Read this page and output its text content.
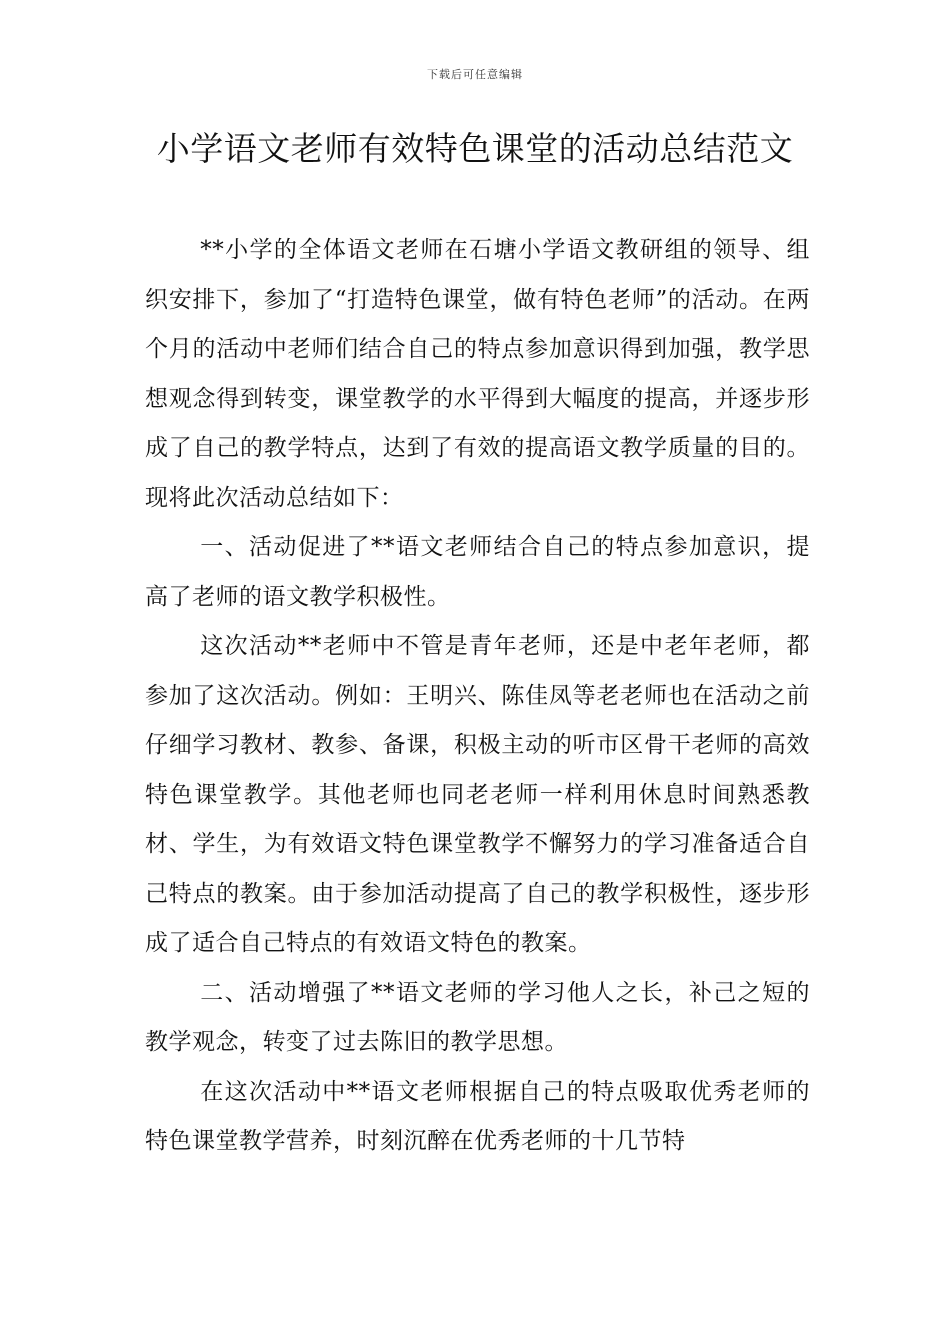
下载后可任意编辑
小学语文老师有效特色课堂的活动总结范文

**小学的全体语文老师在石塘小学语文教研组的领导、组织安排下，参加了“打造特色课堂，做有特色老师”的活动。在两个月的活动中老师们结合自己的特点参加意识得到加强，教学思想观念得到转变，课堂教学的水平得到大幅度的提高，并逐步形成了自己的教学特点，达到了有效的提高语文教学质量的目的。现将此次活动总结如下：

一、活动促进了**语文老师结合自己的特点参加意识，提高了老师的语文教学积极性。

这次活动**老师中不管是青年老师，还是中老年老师，都参加了这次活动。例如：王明兴、陈佳凤等老老师也在活动之前仔细学习教材、教参、备课，积极主动的听市区骨干老师的高效特色课堂教学。其他老师也同老老师一样利用休息时间熟悉教材、学生，为有效语文特色课堂教学不懈努力的学习准备适合自己特点的教案。由于参加活动提高了自己的教学积极性，逐步形成了适合自己特点的有效语文特色的教案。

二、活动增强了**语文老师的学习他人之长，补己之短的教学观念，转变了过去陈旧的教学思想。

在这次活动中**语文老师根据自己的特点吸取优秀老师的特色课堂教学营养，时刻沉醉在优秀老师的十几节特
